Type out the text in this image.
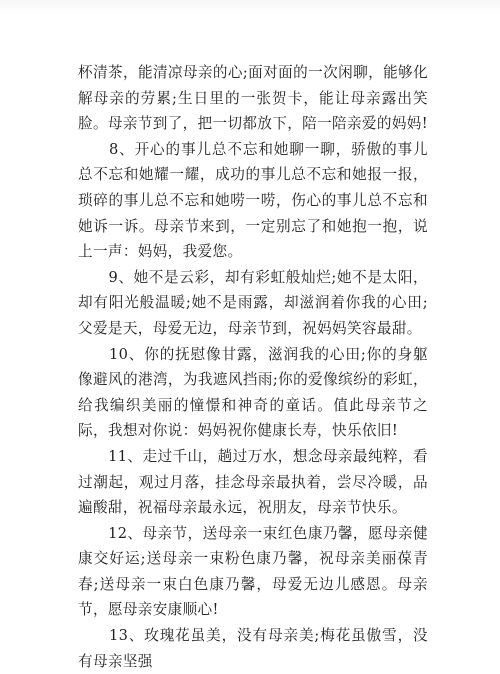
杯清茶，能清凉母亲的心;面对面的一次闲聊，能够化解母亲的劳累;生日里的一张贺卡，能让母亲露出笑脸。母亲节到了，把一切都放下，陪一陪亲爱的妈妈!

　　8、开心的事儿总不忘和她聊一聊，骄傲的事儿总不忘和她耀一耀，成功的事儿总不忘和她报一报，琐碎的事儿总不忘和她唠一唠，伤心的事儿总不忘和她诉一诉。母亲节来到，一定别忘了和她抱一抱，说上一声：妈妈，我爱您。

　　9、她不是云彩，却有彩虹般灿烂;她不是太阳，却有阳光般温暖;她不是雨露，却滋润着你我的心田;父爱是天，母爱无边，母亲节到，祝妈妈笑容最甜。

　　10、你的抚慰像甘露，滋润我的心田;你的身躯像避风的港湾，为我遮风挡雨;你的爱像缤纷的彩虹，给我编织美丽的憧憬和神奇的童话。值此母亲节之际，我想对你说：妈妈祝你健康长寿，快乐依旧!

　　11、走过千山，趟过万水，想念母亲最纯粹，看过潮起，观过月落，挂念母亲最执着，尝尽冷暖，品遍酸甜，祝福母亲最永远，祝朋友，母亲节快乐。

　　12、母亲节，送母亲一束红色康乃馨，愿母亲健康交好运;送母亲一束粉色康乃馨，祝母亲美丽葆青春;送母亲一束白色康乃馨，母爱无边儿感恩。母亲节，愿母亲安康顺心!

　　13、玫瑰花虽美，没有母亲美;梅花虽傲雪，没有母亲坚强
